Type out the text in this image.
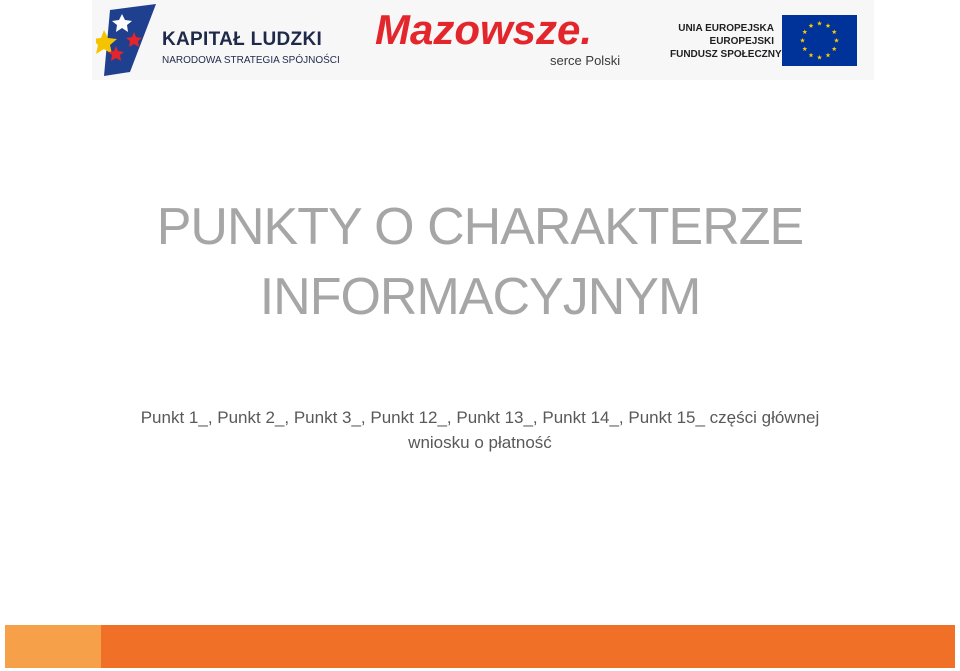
KAPITAŁ LUDZKI
NARODOWA STRATEGIA SPÓJNOŚCI
Mazowsze.
serce Polski
UNIA EUROPEJSKA
EUROPEJSKI
FUNDUSZ SPOŁECZNY
PUNKTY O CHARAKTERZE
INFORMACYJNYM
Punkt 1_, Punkt 2_, Punkt 3_, Punkt 12_, Punkt 13_, Punkt 14_, Punkt 15_ części głównej
wniosku o płatność
